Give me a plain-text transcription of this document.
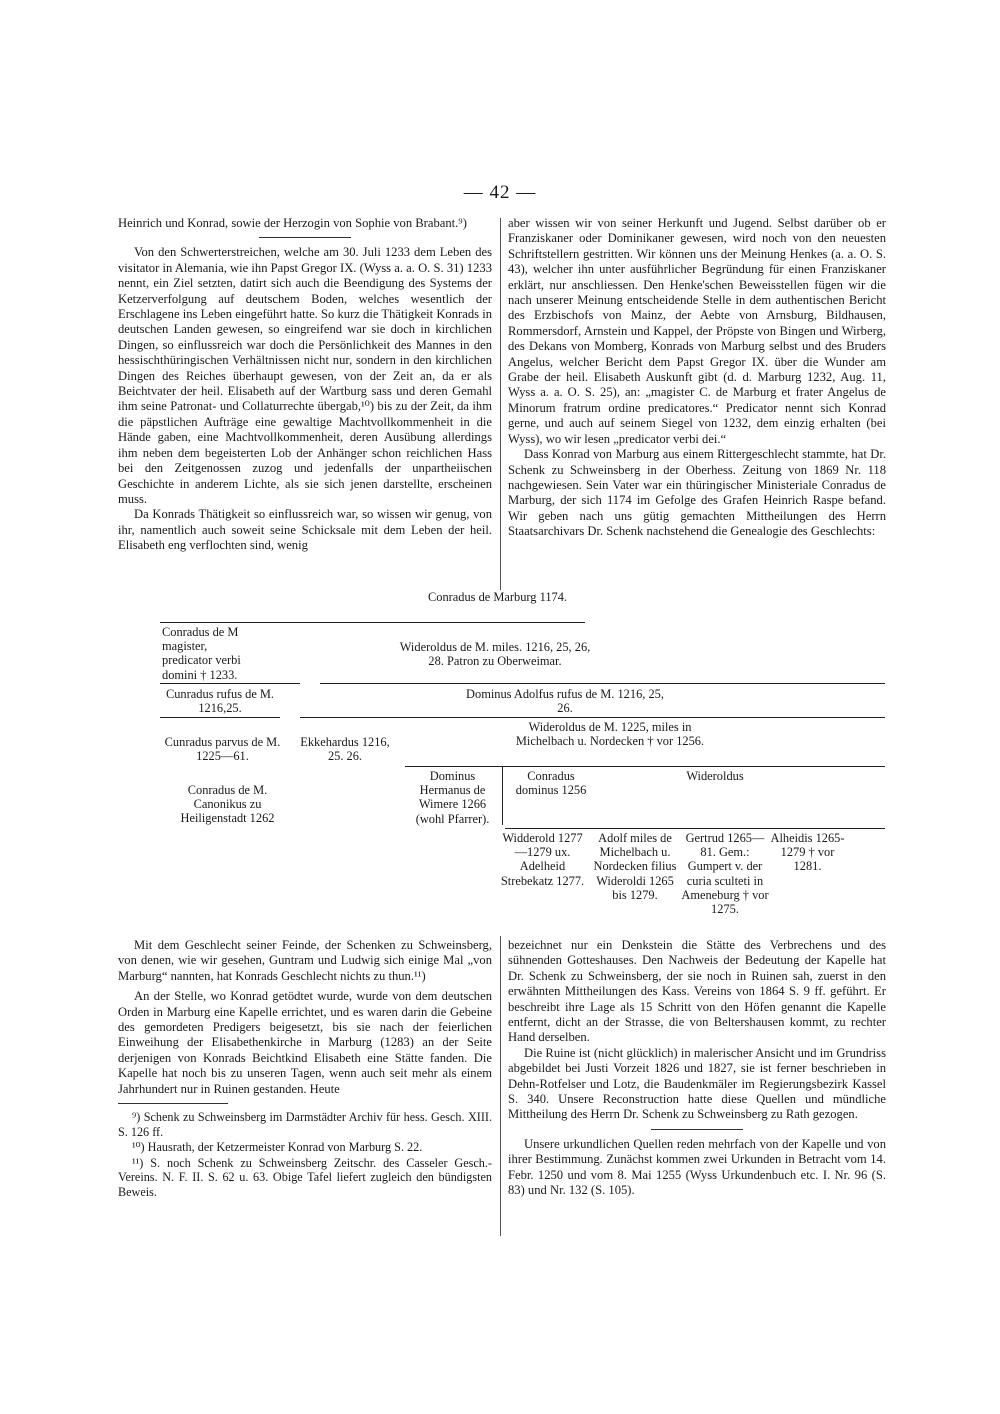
— 42 —

Heinrich und Konrad, sowie der Herzogin von Sophie von Brabant.⁹)

Von den Schwerterstreichen, welche am 30. Juli 1233 dem Leben des visitator in Alemania, wie ihn Papst Gregor IX. (Wyss a. a. O. S. 31) 1233 nennt, ein Ziel setzten, datirt sich auch die Beendigung des Systems der Ketzerverfolgung auf deutschem Boden, welches wesentlich der Erschlagene ins Leben eingeführt hatte. So kurz die Thätigkeit Konrads in deutschen Landen gewesen, so eingreifend war sie doch in kirchlichen Dingen, so einflussreich war doch die Persönlichkeit des Mannes in den hessischthüringischen Verhältnissen nicht nur, sondern in den kirchlichen Dingen des Reiches überhaupt gewesen, von der Zeit an, da er als Beichtvater der heil. Elisabeth auf der Wartburg sass und deren Gemahl ihm seine Patronat- und Collaturrechte übergab,¹⁰) bis zu der Zeit, da ihm die päpstlichen Aufträge eine gewaltige Machtvollkommenheit in die Hände gaben, eine Machtvollkommenheit, deren Ausübung allerdings ihm neben dem begeisterten Lob der Anhänger schon reichlichen Hass bei den Zeitgenossen zuzog und jedenfalls der unpartheiischen Geschichte in anderem Lichte, als sie sich jenen darstellte, erscheinen muss.

Da Konrads Thätigkeit so einflussreich war, so wissen wir genug, von ihr, namentlich auch soweit seine Schicksale mit dem Leben der heil. Elisabeth eng verflochten sind, wenig

aber wissen wir von seiner Herkunft und Jugend. Selbst darüber ob er Franziskaner oder Dominikaner gewesen, wird noch von den neuesten Schriftstellern gestritten. Wir können uns der Meinung Henkes (a. a. O. S. 43), welcher ihn unter ausführlicher Begründung für einen Franziskaner erklärt, nur anschliessen. Den Henke'schen Beweisstellen fügen wir die nach unserer Meinung entscheidende Stelle in dem authentischen Bericht des Erzbischofs von Mainz, der Aebte von Arnsburg, Bildhausen, Rommersdorf, Arnstein und Kappel, der Pröpste von Bingen und Wirberg, des Dekans von Momberg, Konrads von Marburg selbst und des Bruders Angelus, welcher Bericht dem Papst Gregor IX. über die Wunder am Grabe der heil. Elisabeth Auskunft gibt (d. d. Marburg 1232, Aug. 11, Wyss a. a. O. S. 25), an: „magister C. de Marburg et frater Angelus de Minorum fratrum ordine predicatores.“ Predicator nennt sich Konrad gerne, und auch auf seinem Siegel von 1232, dem einzig erhalten (bei Wyss), wo wir lesen „predicator verbi dei.“

Dass Konrad von Marburg aus einem Rittergeschlecht stammte, hat Dr. Schenk zu Schweinsberg in der Oberhess. Zeitung von 1869 Nr. 118 nachgewiesen. Sein Vater war ein thüringischer Ministeriale Conradus de Marburg, der sich 1174 im Gefolge des Grafen Heinrich Raspe befand. Wir geben nach uns gütig gemachten Mittheilungen des Herrn Staatsarchivars Dr. Schenk nachstehend die Genealogie des Geschlechts:

Conradus de Marburg 1174.
Conradus de M magister, predicator verbi domini † 1233.
Wideroldus de M. miles. 1216, 25, 26, 28. Patron zu Oberweimar.
Cunradus rufus de M. 1216,25.
Dominus Adolfus rufus de M. 1216, 25, 26.
Wideroldus de M. 1225, miles in Michelbach u. Nordecken † vor 1256.
Cunradus parvus de M. 1225—61.
Ekkehardus 1216, 25. 26.
Conradus de M. Canonikus zu Heiligenstadt 1262
Dominus Hermanus de Wimere 1266 (wohl Pfarrer).
Conradus dominus 1256
Wideroldus
Widderold 1277—1279 ux. Adelheid Strebekatz 1277.
Adolf miles de Michelbach u. Nordecken filius Wideroldi 1265 bis 1279.
Gertrud 1265—81. Gem.: Gumpert v. der curia sculteti in Ameneburg † vor 1275.
Alheidis 1265-1279 † vor 1281.

Mit dem Geschlecht seiner Feinde, der Schenken zu Schweinsberg, von denen, wie wir gesehen, Guntram und Ludwig sich einige Mal „von Marburg“ nannten, hat Konrads Geschlecht nichts zu thun.¹¹)

An der Stelle, wo Konrad getödtet wurde, wurde von dem deutschen Orden in Marburg eine Kapelle errichtet, und es waren darin die Gebeine des gemordeten Predigers beigesetzt, bis sie nach der feierlichen Einweihung der Elisabethenkirche in Marburg (1283) an der Seite derjenigen von Konrads Beichtkind Elisabeth eine Stätte fanden. Die Kapelle hat noch bis zu unseren Tagen, wenn auch seit mehr als einem Jahrhundert nur in Ruinen gestanden. Heute

⁹) Schenk zu Schweinsberg im Darmstädter Archiv für hess. Gesch. XIII. S. 126 ff.

¹⁰) Hausrath, der Ketzermeister Konrad von Marburg S. 22.

¹¹) S. noch Schenk zu Schweinsberg Zeitschr. des Casseler Gesch.-Vereins. N. F. II. S. 62 u. 63. Obige Tafel liefert zugleich den bündigsten Beweis.

bezeichnet nur ein Denkstein die Stätte des Verbrechens und des sühnenden Gotteshauses. Den Nachweis der Bedeutung der Kapelle hat Dr. Schenk zu Schweinsberg, der sie noch in Ruinen sah, zuerst in den erwähnten Mittheilungen des Kass. Vereins von 1864 S. 9 ff. geführt. Er beschreibt ihre Lage als 15 Schritt von den Höfen genannt die Kapelle entfernt, dicht an der Strasse, die von Beltershausen kommt, zu rechter Hand derselben.

Die Ruine ist (nicht glücklich) in malerischer Ansicht und im Grundriss abgebildet bei Justi Vorzeit 1826 und 1827, sie ist ferner beschrieben in Dehn-Rotfelser und Lotz, die Baudenkmäler im Regierungsbezirk Kassel S. 340. Unsere Reconstruction hatte diese Quellen und mündliche Mittheilung des Herrn Dr. Schenk zu Schweinsberg zu Rath gezogen.

Unsere urkundlichen Quellen reden mehrfach von der Kapelle und von ihrer Bestimmung. Zunächst kommen zwei Urkunden in Betracht vom 14. Febr. 1250 und vom 8. Mai 1255 (Wyss Urkundenbuch etc. I. Nr. 96 (S. 83) und Nr. 132 (S. 105).
